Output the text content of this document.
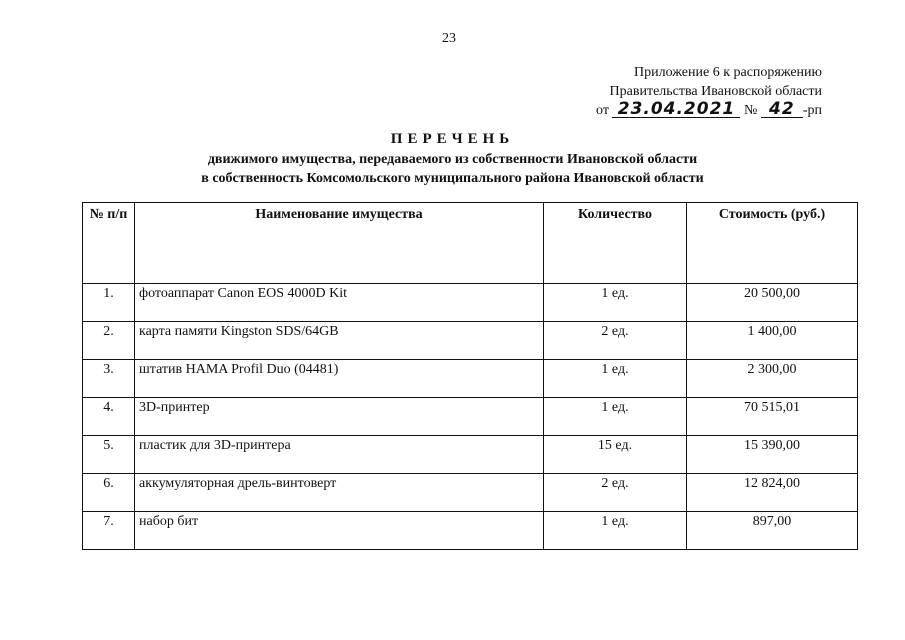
23
Приложение 6 к распоряжению
Правительства Ивановской области
от 23.04.2021 № 42 -рп
ПЕРЕЧЕНЬ
движимого имущества, передаваемого из собственности Ивановской области
в собственность Комсомольского муниципального района Ивановской области
№ п/п	Наименование имущества	Количество	Стоимость (руб.)
1.	фотоаппарат Canon EOS 4000D Kit	1 ед.	20 500,00
2.	карта памяти Kingston SDS/64GB	2 ед.	1 400,00
3.	штатив HAMA Profil Duo (04481)	1 ед.	2 300,00
4.	3D-принтер	1 ед.	70 515,01
5.	пластик для 3D-принтера	15 ед.	15 390,00
6.	аккумуляторная дрель-винтоверт	2 ед.	12 824,00
7.	набор бит	1 ед.	897,00
